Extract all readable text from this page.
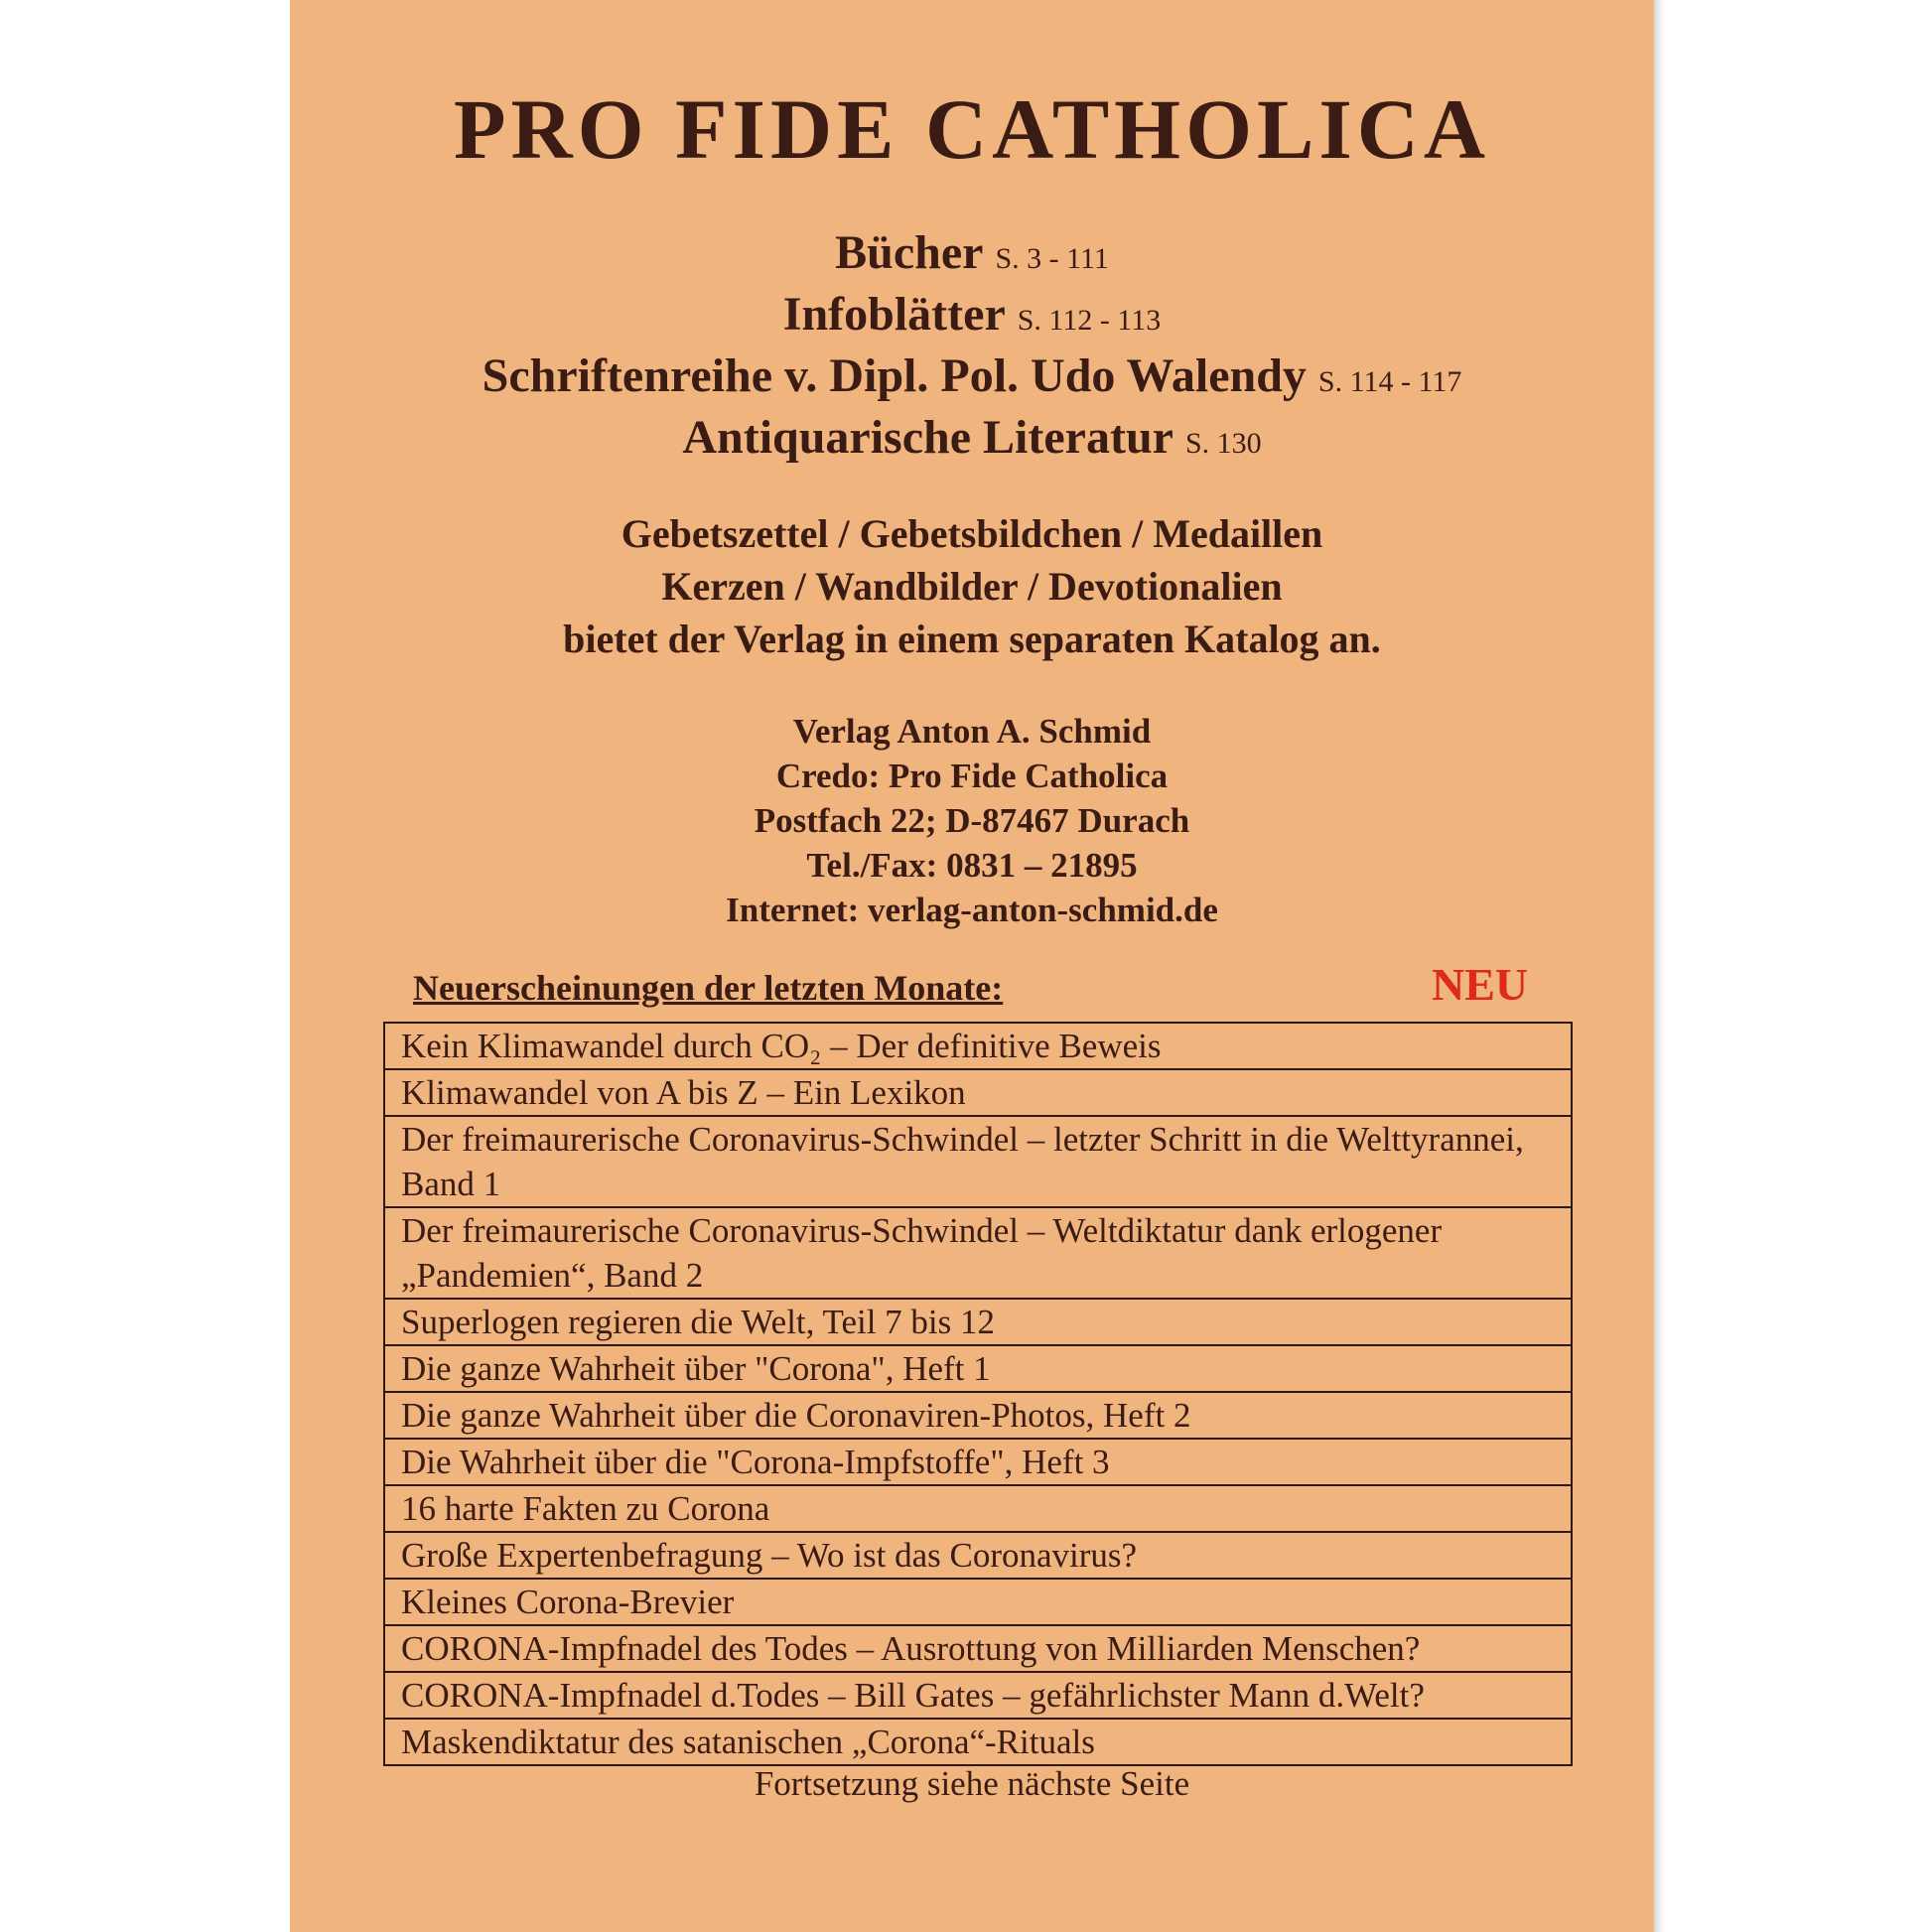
PRO FIDE CATHOLICA
Bücher S. 3 - 111
Infoblätter S. 112 - 113
Schriftenreihe v. Dipl. Pol. Udo Walendy S. 114 - 117
Antiquarische Literatur S. 130
Gebetszettel / Gebetsbildchen / Medaillen
Kerzen / Wandbilder / Devotionalien
bietet der Verlag in einem separaten Katalog an.
Verlag Anton A. Schmid
Credo: Pro Fide Catholica
Postfach 22; D-87467 Durach
Tel./Fax: 0831 – 21895
Internet: verlag-anton-schmid.de
Neuerscheinungen der letzten Monate:	NEU
Kein Klimawandel durch CO₂ – Der definitive Beweis
Klimawandel von A bis Z – Ein Lexikon
Der freimaurerische Coronavirus-Schwindel – letzter Schritt in die Welttyrannei, Band 1
Der freimaurerische Coronavirus-Schwindel – Weltdiktatur dank erlogener „Pandemien“, Band 2
Superlogen regieren die Welt, Teil 7 bis 12
Die ganze Wahrheit über "Corona", Heft 1
Die ganze Wahrheit über die Coronaviren-Photos, Heft 2
Die Wahrheit über die "Corona-Impfstoffe", Heft 3
16 harte Fakten zu Corona
Große Expertenbefragung – Wo ist das Coronavirus?
Kleines Corona-Brevier
CORONA-Impfnadel des Todes – Ausrottung von Milliarden Menschen?
CORONA-Impfnadel d.Todes – Bill Gates – gefährlichster Mann d.Welt?
Maskendiktatur des satanischen „Corona“-Rituals
Fortsetzung siehe nächste Seite
